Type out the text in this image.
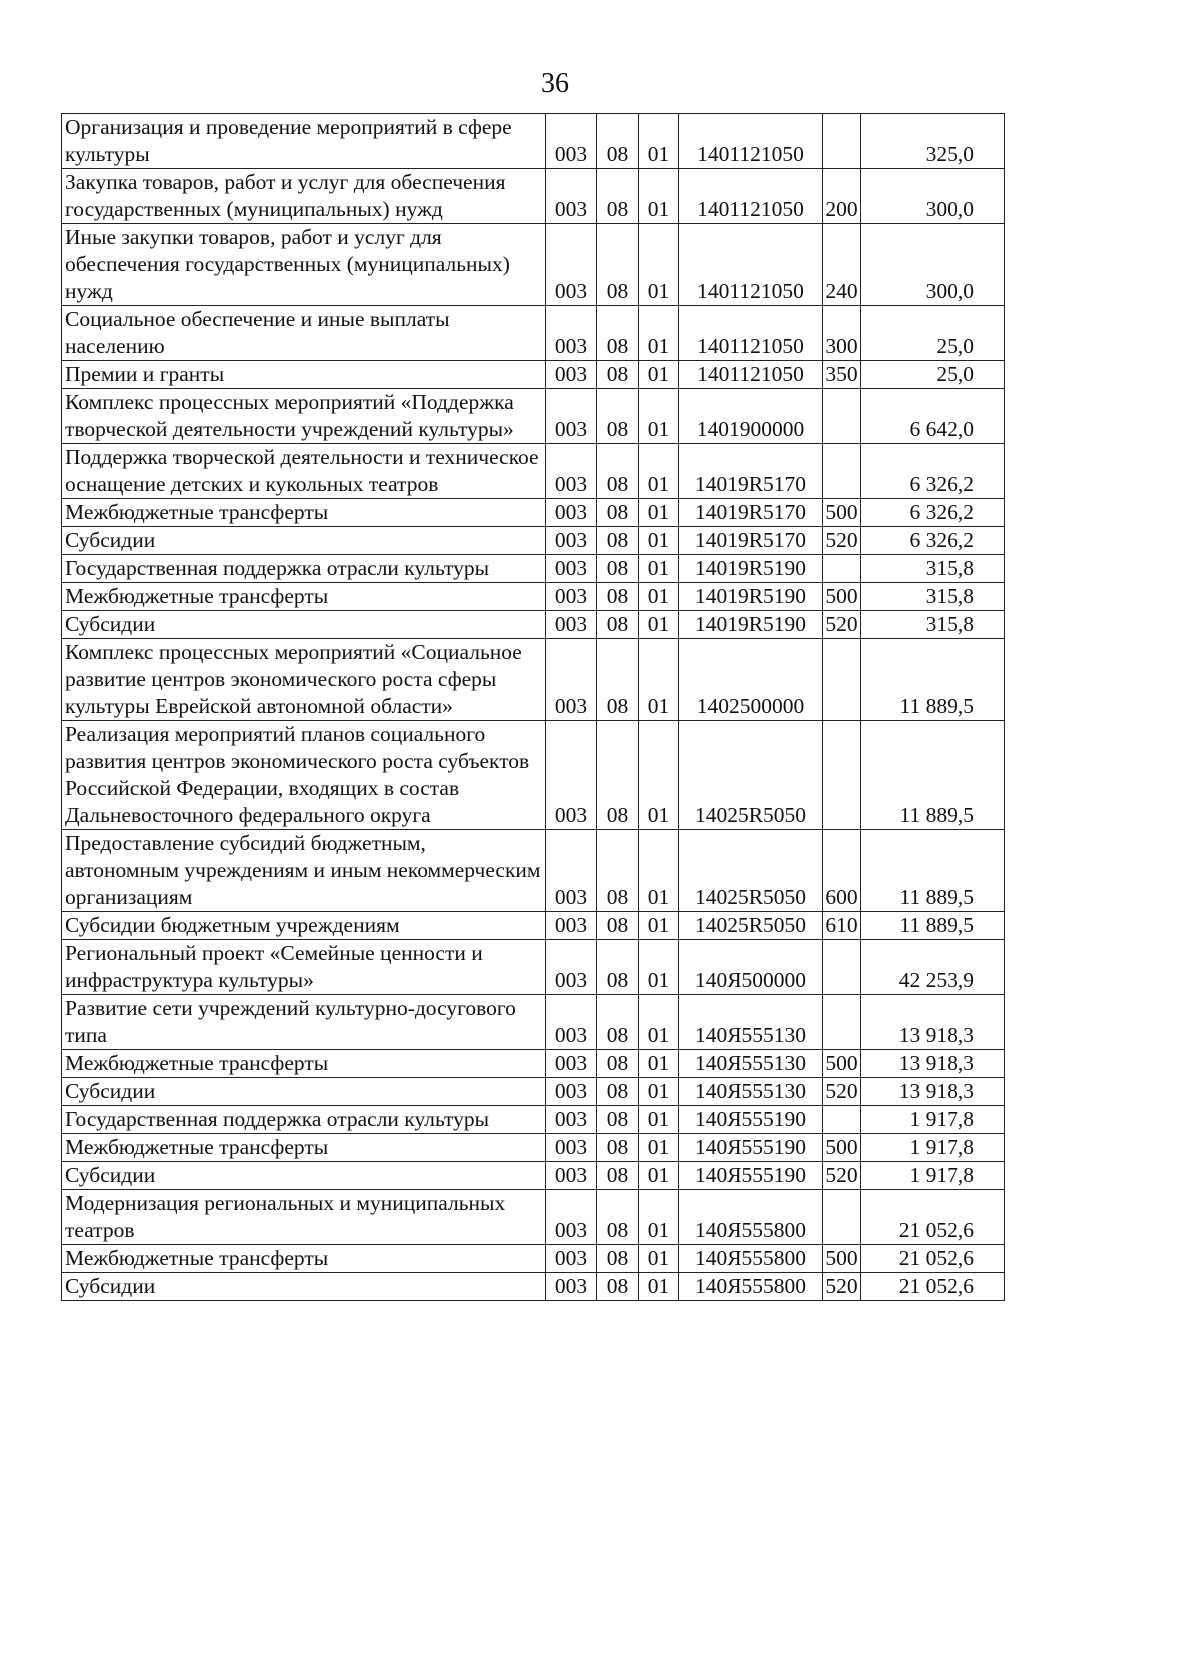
36
Организация и проведение мероприятий в сфере культуры	003	08	01	1401121050		325,0
Закупка товаров, работ и услуг для обеспечения государственных (муниципальных) нужд	003	08	01	1401121050	200	300,0
Иные закупки товаров, работ и услуг для обеспечения государственных (муниципальных) нужд	003	08	01	1401121050	240	300,0
Социальное обеспечение и иные выплаты населению	003	08	01	1401121050	300	25,0
Премии и гранты	003	08	01	1401121050	350	25,0
Комплекс процессных мероприятий «Поддержка творческой деятельности учреждений культуры»	003	08	01	1401900000		6 642,0
Поддержка творческой деятельности и техническое оснащение детских и кукольных театров	003	08	01	14019R5170		6 326,2
Межбюджетные трансферты	003	08	01	14019R5170	500	6 326,2
Субсидии	003	08	01	14019R5170	520	6 326,2
Государственная поддержка отрасли культуры	003	08	01	14019R5190		315,8
Межбюджетные трансферты	003	08	01	14019R5190	500	315,8
Субсидии	003	08	01	14019R5190	520	315,8
Комплекс процессных мероприятий «Социальное развитие центров экономического роста сферы культуры Еврейской автономной области»	003	08	01	1402500000		11 889,5
Реализация мероприятий планов социального развития центров экономического роста субъектов Российской Федерации, входящих в состав Дальневосточного федерального округа	003	08	01	14025R5050		11 889,5
Предоставление субсидий бюджетным, автономным учреждениям и иным некоммерческим организациям	003	08	01	14025R5050	600	11 889,5
Субсидии бюджетным учреждениям	003	08	01	14025R5050	610	11 889,5
Региональный проект «Семейные ценности и инфраструктура культуры»	003	08	01	140Я500000		42 253,9
Развитие сети учреждений культурно-досугового типа	003	08	01	140Я555130		13 918,3
Межбюджетные трансферты	003	08	01	140Я555130	500	13 918,3
Субсидии	003	08	01	140Я555130	520	13 918,3
Государственная поддержка отрасли культуры	003	08	01	140Я555190		1 917,8
Межбюджетные трансферты	003	08	01	140Я555190	500	1 917,8
Субсидии	003	08	01	140Я555190	520	1 917,8
Модернизация региональных и муниципальных театров	003	08	01	140Я555800		21 052,6
Межбюджетные трансферты	003	08	01	140Я555800	500	21 052,6
Субсидии	003	08	01	140Я555800	520	21 052,6
